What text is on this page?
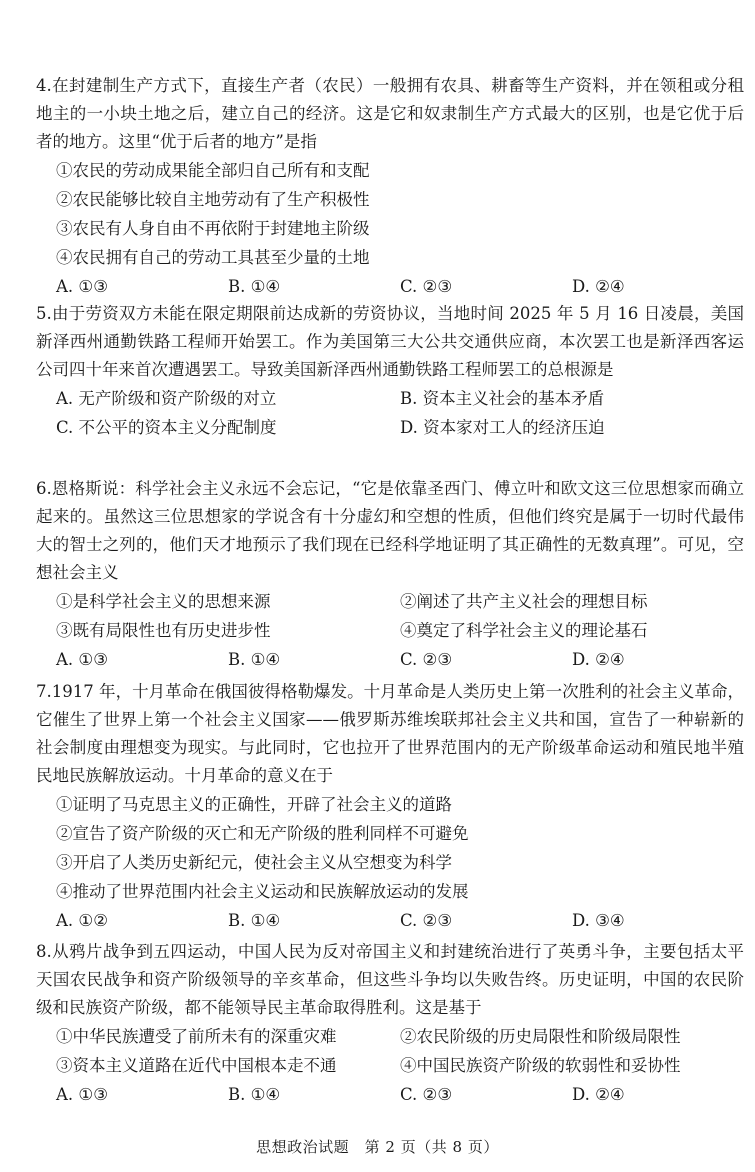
4.在封建制生产方式下，直接生产者（农民）一般拥有农具、耕畜等生产资料，并在领租或分租地主的一小块土地之后，建立自己的经济。这是它和奴隶制生产方式最大的区别，也是它优于后者的地方。这里“优于后者的地方”是指

①农民的劳动成果能全部归自己所有和支配
②农民能够比较自主地劳动有了生产积极性
③农民有人身自由不再依附于封建地主阶级
④农民拥有自己的劳动工具甚至少量的土地
A. ①③	B. ①④	C. ②③	D. ②④

5.由于劳资双方未能在限定期限前达成新的劳资协议，当地时间 2025 年 5 月 16 日凌晨，美国新泽西州通勤铁路工程师开始罢工。作为美国第三大公共交通供应商，本次罢工也是新泽西客运公司四十年来首次遭遇罢工。导致美国新泽西州通勤铁路工程师罢工的总根源是

A. 无产阶级和资产阶级的对立	B. 资本主义社会的基本矛盾
C. 不公平的资本主义分配制度	D. 资本家对工人的经济压迫

6.恩格斯说：科学社会主义永远不会忘记，“它是依靠圣西门、傅立叶和欧文这三位思想家而确立起来的。虽然这三位思想家的学说含有十分虚幻和空想的性质，但他们终究是属于一切时代最伟大的智士之列的，他们天才地预示了我们现在已经科学地证明了其正确性的无数真理”。可见，空想社会主义

①是科学社会主义的思想来源	②阐述了共产主义社会的理想目标
③既有局限性也有历史进步性	④奠定了科学社会主义的理论基石
A. ①③	B. ①④	C. ②③	D. ②④

7.1917 年，十月革命在俄国彼得格勒爆发。十月革命是人类历史上第一次胜利的社会主义革命，它催生了世界上第一个社会主义国家——俄罗斯苏维埃联邦社会主义共和国，宣告了一种崭新的社会制度由理想变为现实。与此同时，它也拉开了世界范围内的无产阶级革命运动和殖民地半殖民地民族解放运动。十月革命的意义在于

①证明了马克思主义的正确性，开辟了社会主义的道路
②宣告了资产阶级的灭亡和无产阶级的胜利同样不可避免
③开启了人类历史新纪元，使社会主义从空想变为科学
④推动了世界范围内社会主义运动和民族解放运动的发展
A. ①②	B. ①④	C. ②③	D. ③④

8.从鸦片战争到五四运动，中国人民为反对帝国主义和封建统治进行了英勇斗争，主要包括太平天国农民战争和资产阶级领导的辛亥革命，但这些斗争均以失败告终。历史证明，中国的农民阶级和民族资产阶级，都不能领导民主革命取得胜利。这是基于

①中华民族遭受了前所未有的深重灾难	②农民阶级的历史局限性和阶级局限性
③资本主义道路在近代中国根本走不通	④中国民族资产阶级的软弱性和妥协性
A. ①③	B. ①④	C. ②③	D. ②④
思想政治试题　第 2 页（共 8 页）
